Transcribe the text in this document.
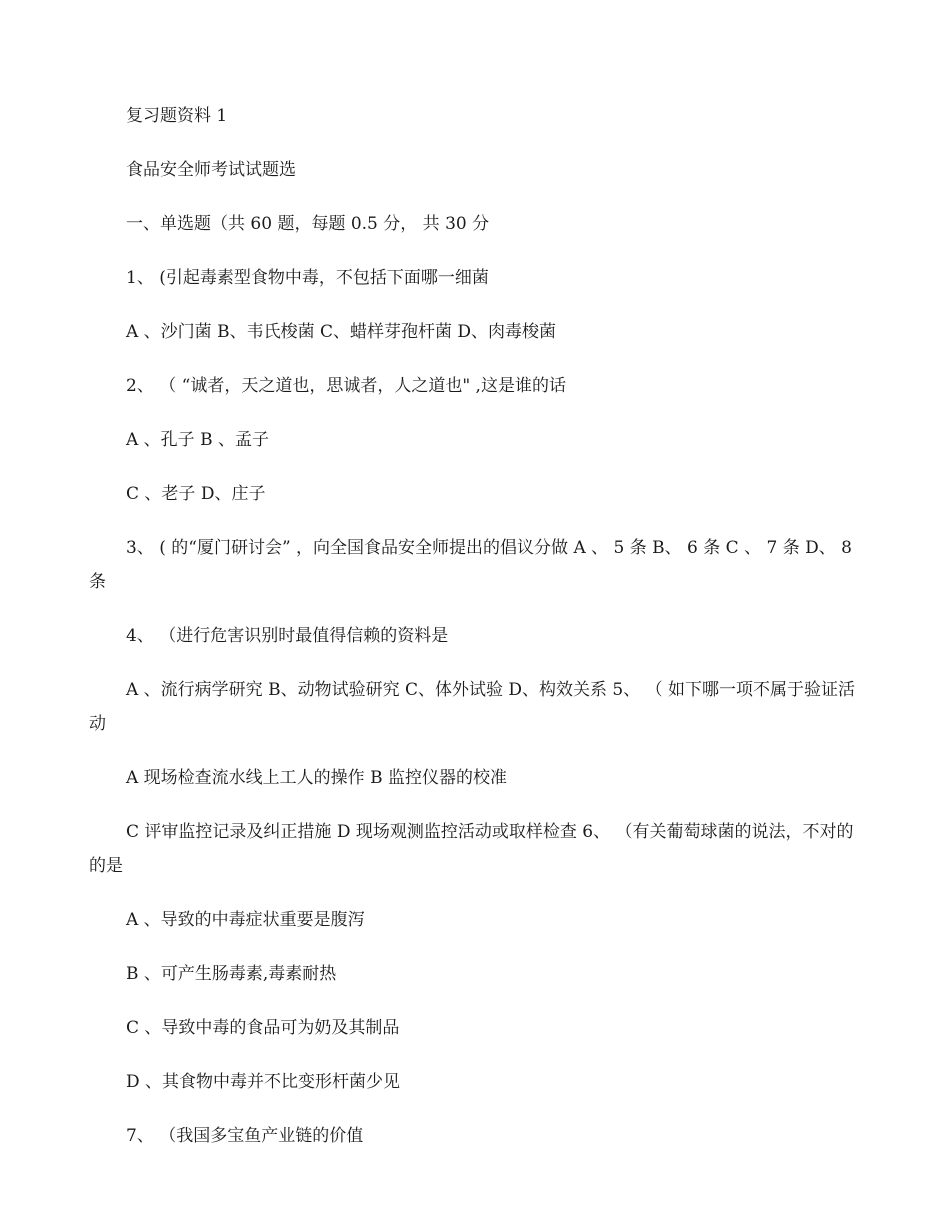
复习题资料 1

食品安全师考试试题选

一、单选题（共 60 题，每题 0.5 分， 共 30 分

1、 (引起毒素型食物中毒，不包括下面哪一细菌

A 、沙门菌 B、韦氏梭菌 C、蜡样芽孢杆菌 D、肉毒梭菌

2、 （ “诚者，天之道也，思诚者，人之道也" ,这是谁的话

A 、孔子 B 、孟子

C 、老子 D、庄子

3、 ( 的“厦门研讨会” ，向全国食品安全师提出的倡议分做 A 、 5 条 B、 6 条 C 、 7 条 D、 8 条

4、 （进行危害识别时最值得信赖的资料是

A 、流行病学研究 B、动物试验研究 C、体外试验 D、构效关系 5、 （ 如下哪一项不属于验证活动

A 现场检查流水线上工人的操作 B 监控仪器的校准

C 评审监控记录及纠正措施 D 现场观测监控活动或取样检查 6、 （有关葡萄球菌的说法，不对的的是

A 、导致的中毒症状重要是腹泻

B 、可产生肠毒素,毒素耐热

C 、导致中毒的食品可为奶及其制品

D 、其食物中毒并不比变形杆菌少见

7、 （我国多宝鱼产业链的价值
